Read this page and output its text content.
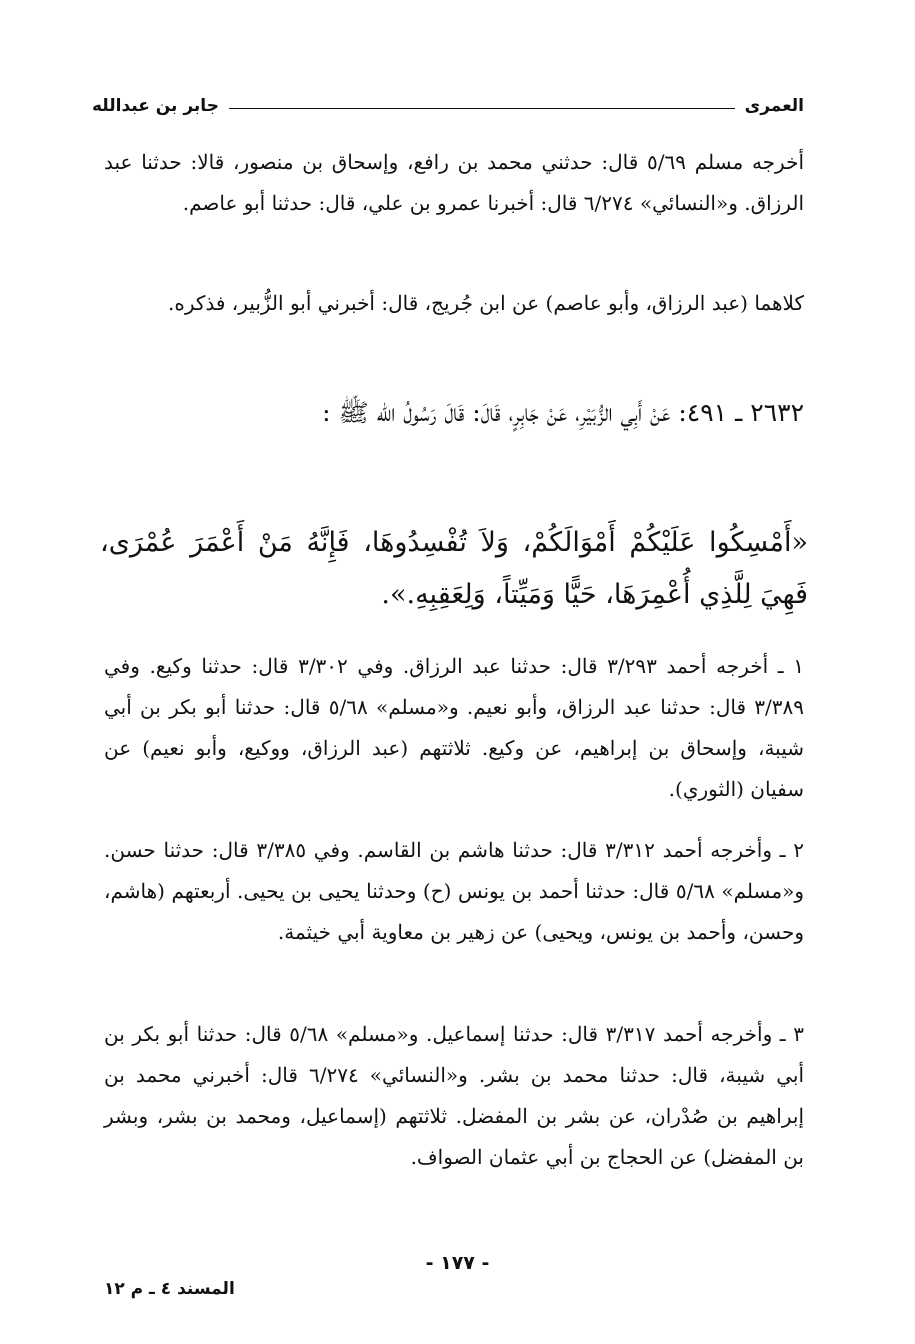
العمرى
جابر بن عبدالله

أخرجه مسلم ٥/٦٩ قال: حدثني محمد بن رافع، وإسحاق بن منصور، قالا: حدثنا عبد الرزاق. و«النسائي» ٦/٢٧٤ قال: أخبرنا عمرو بن علي، قال: حدثنا أبو عاصم.

كلاهما (عبد الرزاق، وأبو عاصم) عن ابن جُريج، قال: أخبرني أبو الزُّبير، فذكره.

٢٦٣٢ ـ ٤٩١: عَنْ أَبِي الزُّبَيْرِ، عَنْ جَابِرٍ، قَالَ: قَالَ رَسُولُ الله ﷺ :

«أَمْسِكُوا عَلَيْكُمْ أَمْوَالَكُمْ، وَلاَ تُفْسِدُوهَا، فَإِنَّهُ مَنْ أَعْمَرَ عُمْرَى، فَهِيَ لِلَّذِي أُعْمِرَهَا، حَيًّا وَمَيِّتاً، وَلِعَقِبِهِ.».

١ ـ أخرجه أحمد ٣/٢٩٣ قال: حدثنا عبد الرزاق. وفي ٣/٣٠٢ قال: حدثنا وكيع. وفي ٣/٣٨٩ قال: حدثنا عبد الرزاق، وأبو نعيم. و«مسلم» ٥/٦٨ قال: حدثنا أبو بكر بن أبي شيبة، وإسحاق بن إبراهيم، عن وكيع. ثلاثتهم (عبد الرزاق، ووكيع، وأبو نعيم) عن سفيان (الثوري).

٢ ـ وأخرجه أحمد ٣/٣١٢ قال: حدثنا هاشم بن القاسم. وفي ٣/٣٨٥ قال: حدثنا حسن. و«مسلم» ٥/٦٨ قال: حدثنا أحمد بن يونس (ح) وحدثنا يحيى بن يحيى. أربعتهم (هاشم، وحسن، وأحمد بن يونس، ويحيى) عن زهير بن معاوية أبي خيثمة.

٣ ـ وأخرجه أحمد ٣/٣١٧ قال: حدثنا إسماعيل. و«مسلم» ٥/٦٨ قال: حدثنا أبو بكر بن أبي شيبة، قال: حدثنا محمد بن بشر. و«النسائي» ٦/٢٧٤ قال: أخبرني محمد بن إبراهيم بن صُدْران، عن بشر بن المفضل. ثلاثتهم (إسماعيل، ومحمد بن بشر، وبشر بن المفضل) عن الحجاج بن أبي عثمان الصواف.

- ١٧٧ -
المسند ٤ ـ م ١٢
